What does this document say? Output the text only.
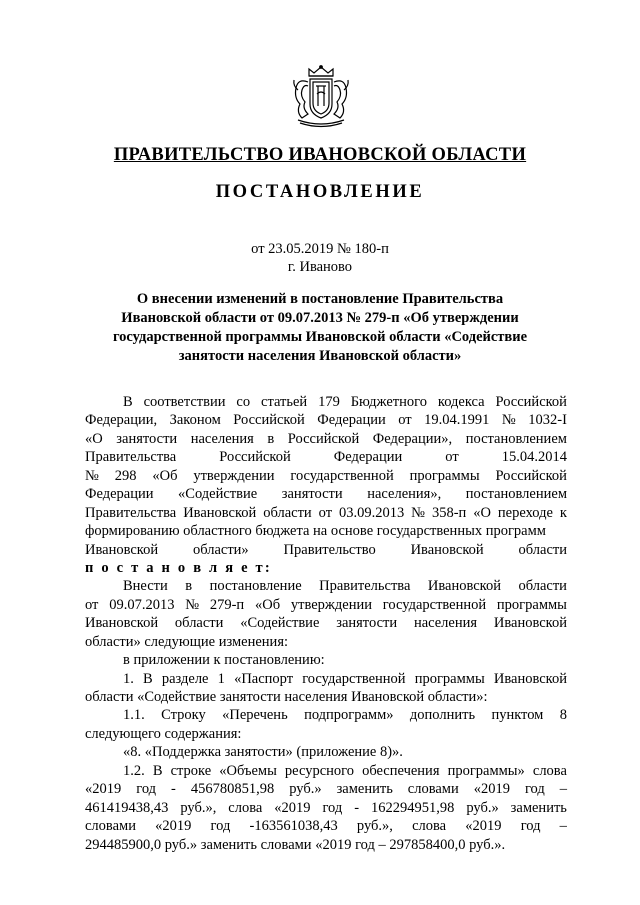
ПРАВИТЕЛЬСТВО ИВАНОВСКОЙ ОБЛАСТИ
ПОСТАНОВЛЕНИЕ
от 23.05.2019 № 180-п
г. Иваново
О внесении изменений в постановление Правительства
Ивановской области от 09.07.2013 № 279-п «Об утверждении
государственной программы Ивановской области «Содействие
занятости населения Ивановской области»
В соответствии со статьей 179 Бюджетного кодекса Российской
Федерации, Законом Российской Федерации от 19.04.1991 № 1032-I
«О занятости населения в Российской Федерации», постановлением
Правительства	Российской	Федерации	от	15.04.2014
№ 298 «Об утверждении государственной программы Российской
Федерации «Содействие занятости населения», постановлением
Правительства Ивановской области от 03.09.2013 № 358-п «О переходе к
формированию областного бюджета на основе государственных программ
Ивановской области» Правительство Ивановской области
п о с т а н о в л я е т:
Внести в постановление Правительства Ивановской области
от 09.07.2013 № 279-п «Об утверждении государственной программы
Ивановской области «Содействие занятости населения Ивановской
области» следующие изменения:
в приложении к постановлению:
1. В разделе 1 «Паспорт государственной программы Ивановской
области «Содействие занятости населения Ивановской области»:
1.1. Строку «Перечень подпрограмм» дополнить пунктом 8
следующего содержания:
«8. «Поддержка занятости» (приложение 8)».
1.2. В строке «Объемы ресурсного обеспечения программы» слова
«2019 год - 456780851,98 руб.» заменить словами «2019 год –
461419438,43 руб.», слова «2019 год - 162294951,98 руб.» заменить
словами «2019 год -163561038,43 руб.», слова «2019 год –
294485900,0 руб.» заменить словами «2019 год – 297858400,0 руб.».
